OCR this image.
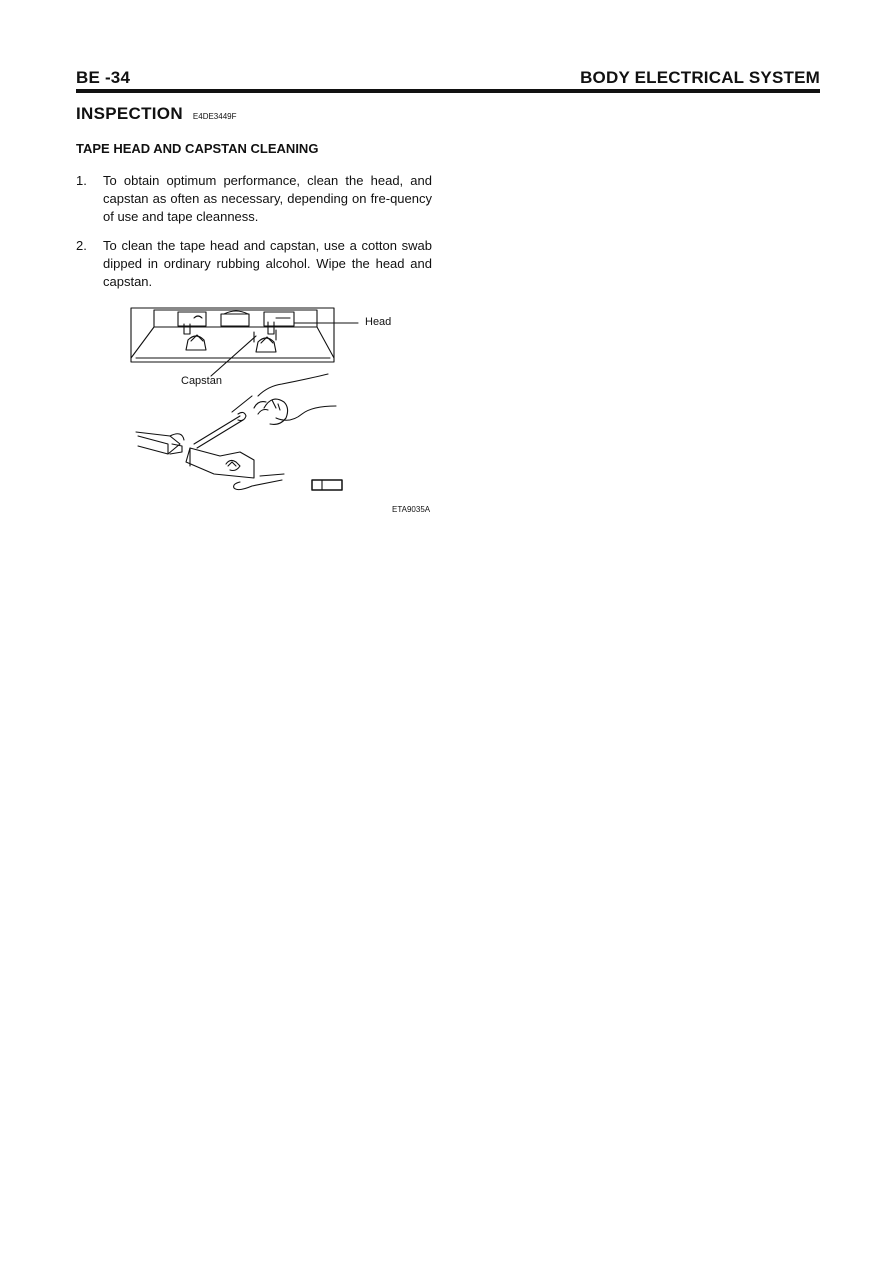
BE -34	BODY ELECTRICAL SYSTEM
INSPECTION E4DE3449F
TAPE HEAD AND CAPSTAN CLEANING
1.	To obtain optimum performance, clean the head, and capstan as often as necessary, depending on fre-quency of use and tape cleanness.
2.	To clean the tape head and capstan, use a cotton swab dipped in ordinary rubbing alcohol. Wipe the head and capstan.
Head
Capstan
ETA9035A
